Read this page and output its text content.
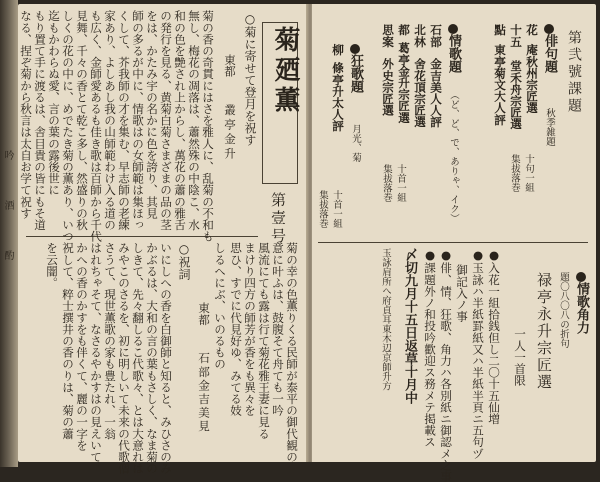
吟
酒
酌
菊廼薫
第壹号
○菊に寄せて登月を祝す
東都
叢亭金升
菊の香の奇貫にはさを雅人に、乱菊の不和も
無し、梅花の凋落は、蕭然殊の中陰こ、水
和の色を艶され上からし、萬花の蕭の雅舌
の発行を見る、黄菊白菊さまざまの品の茎
をは、かたみ宇の名かに色を誇り、其見
師の多るが中に、情歌はの女師範は集ほっ
くして、芥我師の才を集む、早志師の老練
家あり、よしあし我の山師範わけ入る道の
も広く、金師愛あるも佳き歌は百師から千代
見舞、千々の香とて乾こ多し、然盛りの秋
しくの花の中に、めでたき菊の薫あり、いつ
迄もかわらぬ愛、言の葉の露後世に
もり置て手に渡るは、舎目貴の皆にもそ道
なる、捏ぞ菊から秋言は太自お学て祝す
菊の幸の色薫りくる民師が泰平の御代観の
意に叶ふは、鼓腹そて舟ても一吟
風流にても露は行て菊花雅王妻に見る
まけり四方の師芳が香をも異々を
思ひ、すでに代見好ゆ、みてる妓
しるへにぶ、いのるもの
東都
石部金吉美見
○祝詞
いにしへの香を白御師と知ると、みひさのみ
かぶるは、大和の言の葉もさしく、なま菊の
しきて、先々翻しるこ代歌々、とは大意れは
みやこのさるを、初に明しいて未来の代歌僧
さうて、現世薫歌の家も豊たれ、一翁
はれちゃそて、なさるやかすはの見えいて
かへの香のかすをも伴くて、麗の一字を
祝して、粹士撰井の香のりは、菊の蕭
を云闇。
第弐號課題
俳句題
秋季雑題
花
庵秋州宗匠選
十五
堂禾舟宗匠選
點
東亭菊文大人評
十句一組
集拔落巻
情歌題
（ど、ど、で、ありゃ、イク）
石部
金吉美人人評
北林
舍花頂宗匠選
都
葛亭金升宗匠選
思案
外史宗匠選
十首一組
集拔落巻
狂歌題
月光、菊
柳
條亭升太人評
十首一組
集拔落巻
情歌角力
題〇八〇八の折句
禄亭永升宗匠選
一人一首限
●入花一組拾銭但し二〇十五仙増
●玉詠ハ半紙罫紙又ハ半紙半頁ニ五句ヅ
御記入ノ事
●俳、情、狂歌、角力ハ各別紙ニ御認メ之事
●課題外ノ和投吟歡迎ス務メテ掲載ス
〆切九月十五日返草十月中
玉詠肩所へ府貞耳東木辺京師升方
